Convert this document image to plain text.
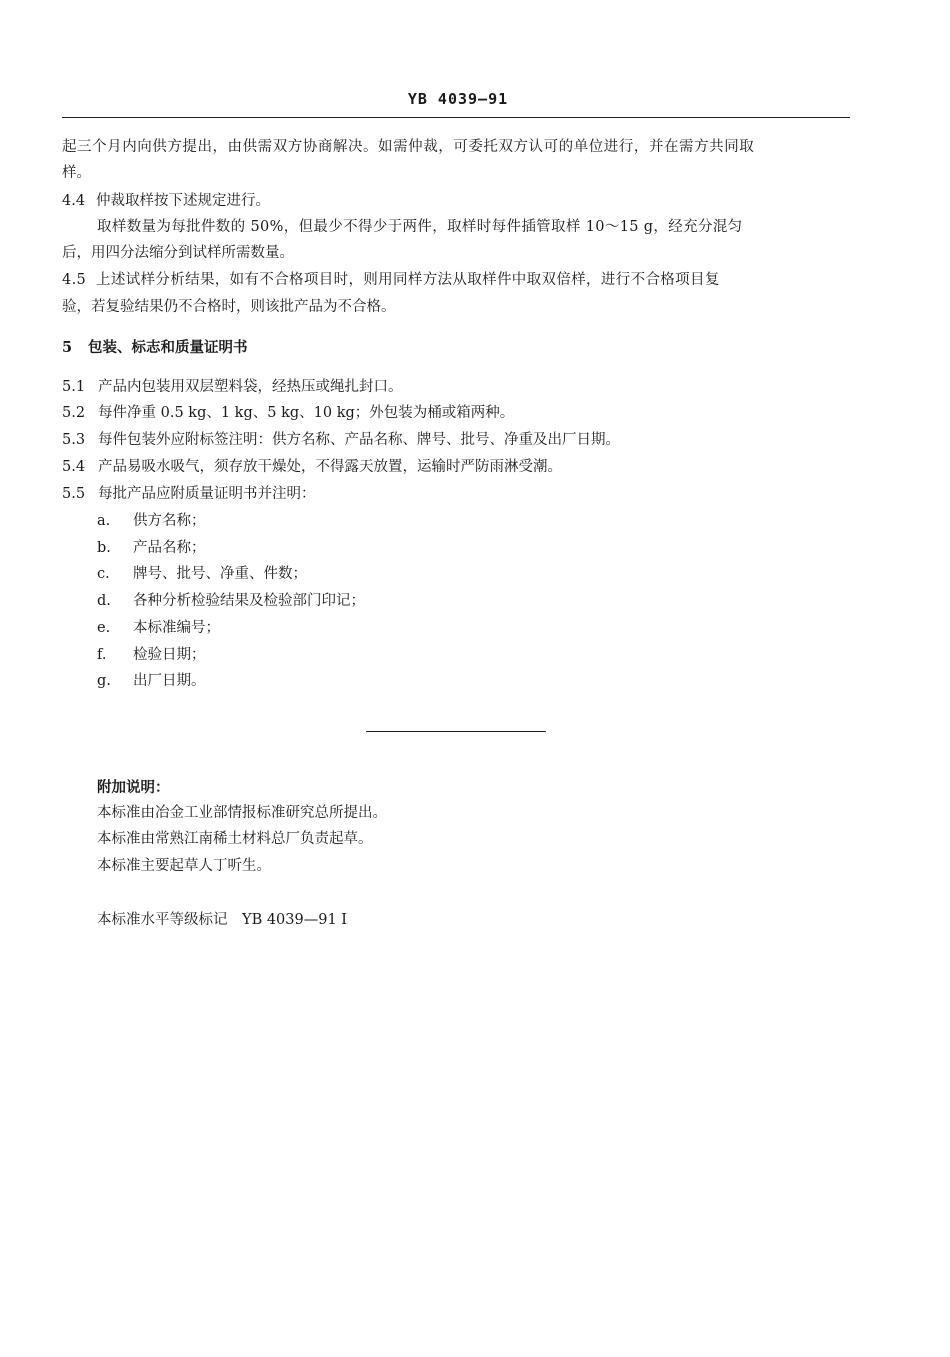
YB 4039—91
起三个月内向供方提出，由供需双方协商解决。如需仲裁，可委托双方认可的单位进行，并在需方共同取
样。
4.4 仲裁取样按下述规定进行。
取样数量为每批件数的 50%，但最少不得少于两件，取样时每件插管取样 10～15 g，经充分混匀
后，用四分法缩分到试样所需数量。
4.5 上述试样分析结果，如有不合格项目时，则用同样方法从取样件中取双倍样，进行不合格项目复
验，若复验结果仍不合格时，则该批产品为不合格。
5 包装、标志和质量证明书
5.1 产品内包装用双层塑料袋，经热压或绳扎封口。
5.2 每件净重 0.5 kg、1 kg、5 kg、10 kg；外包装为桶或箱两种。
5.3 每件包装外应附标签注明：供方名称、产品名称、牌号、批号、净重及出厂日期。
5.4 产品易吸水吸气，须存放干燥处，不得露天放置，运输时严防雨淋受潮。
5.5 每批产品应附质量证明书并注明：
a. 供方名称；
b. 产品名称；
c. 牌号、批号、净重、件数；
d. 各种分析检验结果及检验部门印记；
e. 本标准编号；
f. 检验日期；
g. 出厂日期。
附加说明：
本标准由冶金工业部情报标准研究总所提出。
本标准由常熟江南稀土材料总厂负责起草。
本标准主要起草人丁听生。
本标准水平等级标记　YB 4039—91 I
